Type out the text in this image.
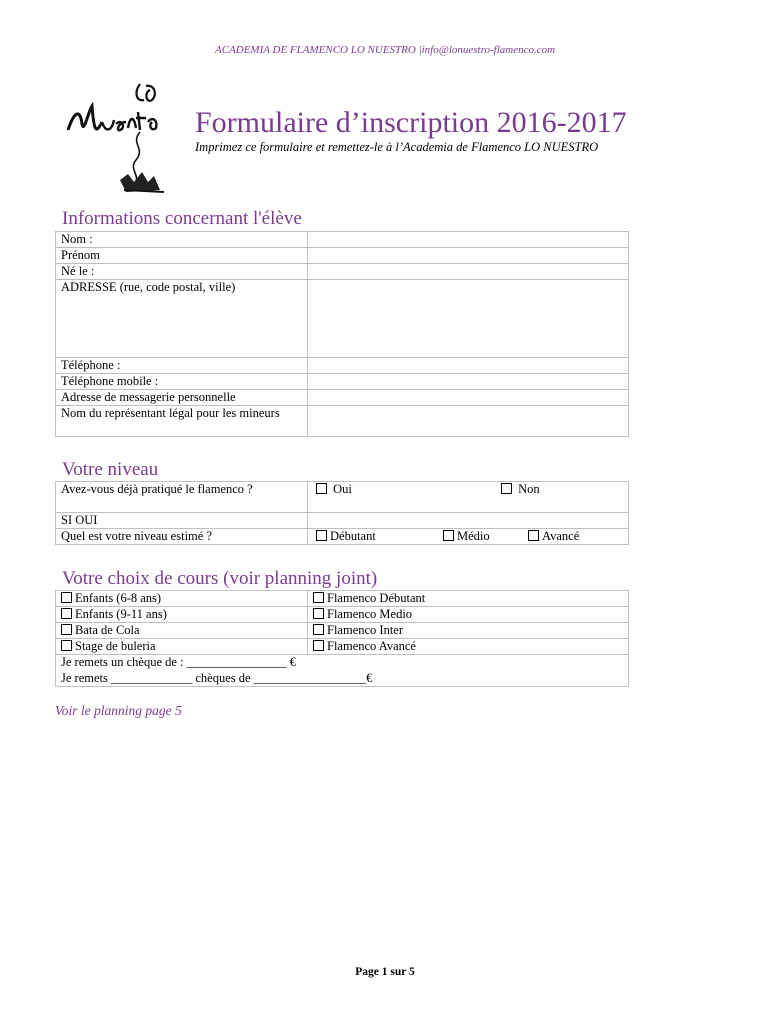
ACADEMIA DE FLAMENCO LO NUESTRO |info@lonuestro-flamenco.com
Formulaire d’inscription 2016-2017
Imprimez ce formulaire et remettez-le à l’Academia de Flamenco LO NUESTRO
Informations concernant l'élève
Nom :	
Prénom	
Né le :	
ADRESSE (rue, code postal, ville)	
Téléphone :	
Téléphone mobile :	
Adresse de messagerie personnelle	
Nom du représentant légal pour les mineurs	
Votre niveau
Avez-vous déjà pratiqué le flamenco ?	Oui Non

SI OUI	
Quel est votre niveau estimé ?	Débutant Médio Avancé
Votre choix de cours (voir planning joint)
Enfants (6-8 ans)	Flamenco Débutant
Enfants (9-11 ans)	Flamenco Medio
Bata de Cola	Flamenco Inter
Stage de buleria	Flamenco Avancé
Je remets un chèque de : ________________ €	
Je remets _____________ chèques de __________________€	
Voir le planning page 5
Page 1 sur 5
